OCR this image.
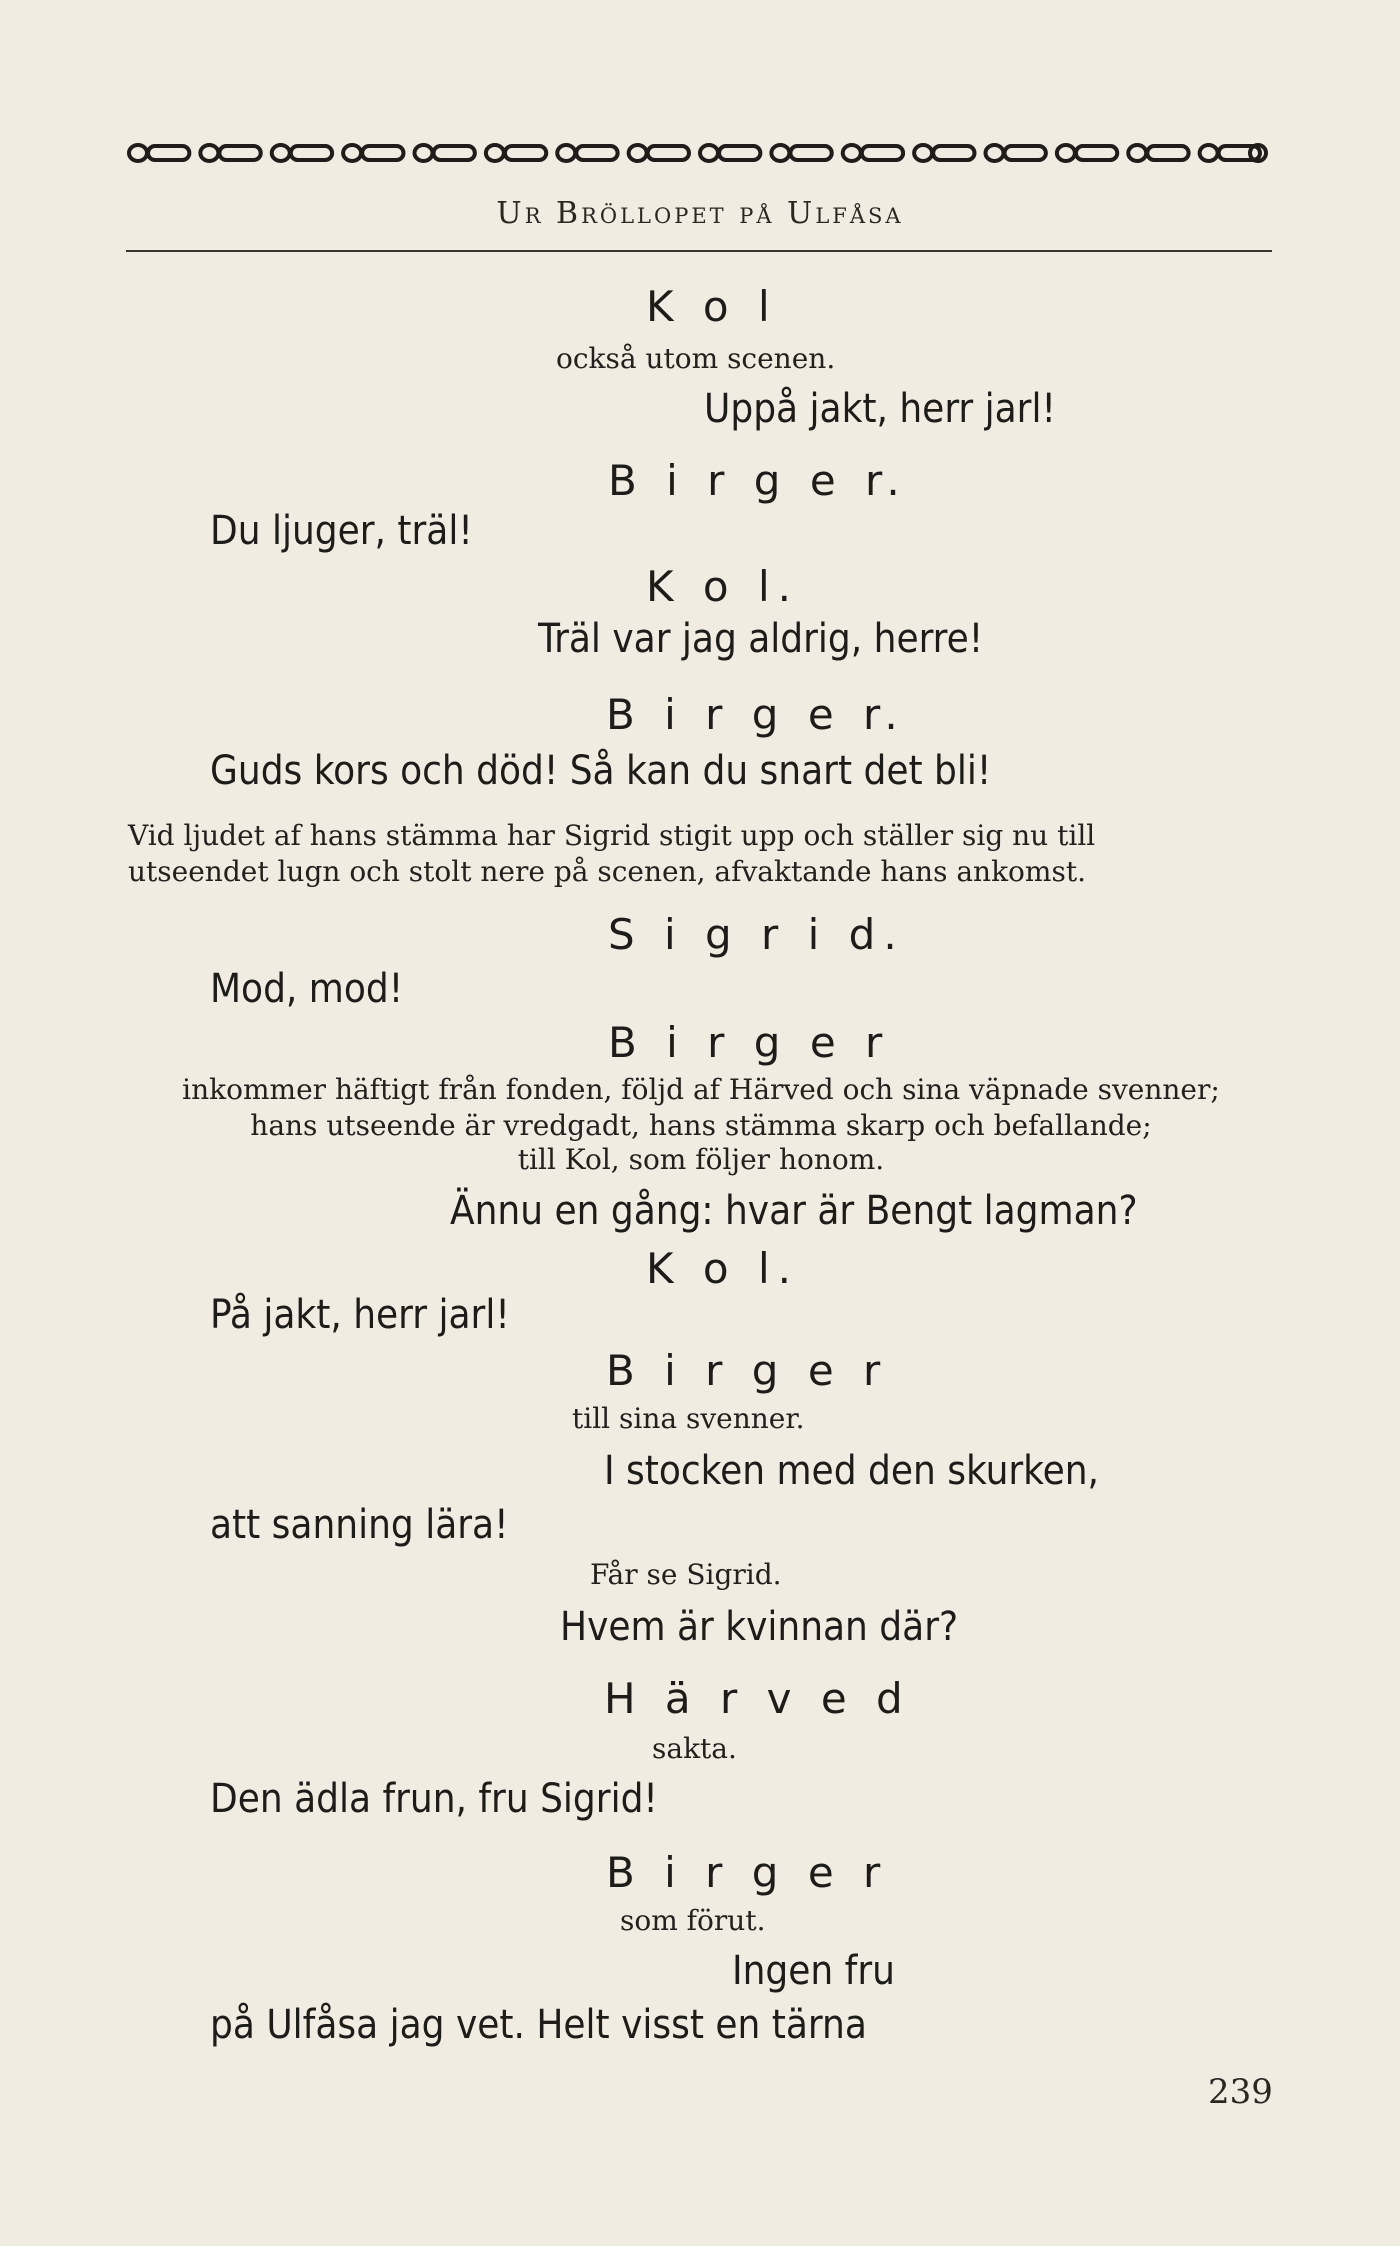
Ur Bröllopet på Ulfåsa
K o l
också utom scenen.
Uppå jakt, herr jarl!
B i r g e r.
Du ljuger, träl!
K o l.
Träl var jag aldrig, herre!
B i r g e r.
Guds kors och död! Så kan du snart det bli!
Vid ljudet af hans stämma har Sigrid stigit upp och ställer sig nu till
utseendet lugn och stolt nere på scenen, afvaktande hans ankomst.
S i g r i d.
Mod, mod!
B i r g e r
inkommer häftigt från fonden, följd af Härved och sina väpnade svenner;
hans utseende är vredgadt, hans stämma skarp och befallande;
till Kol, som följer honom.
Ännu en gång: hvar är Bengt lagman?
K o l.
På jakt, herr jarl!
B i r g e r
till sina svenner.
I stocken med den skurken,
att sanning lära!
Får se Sigrid.
Hvem är kvinnan där?
H ä r v e d
sakta.
Den ädla frun, fru Sigrid!
B i r g e r
som förut.
Ingen fru
på Ulfåsa jag vet. Helt visst en tärna
239
